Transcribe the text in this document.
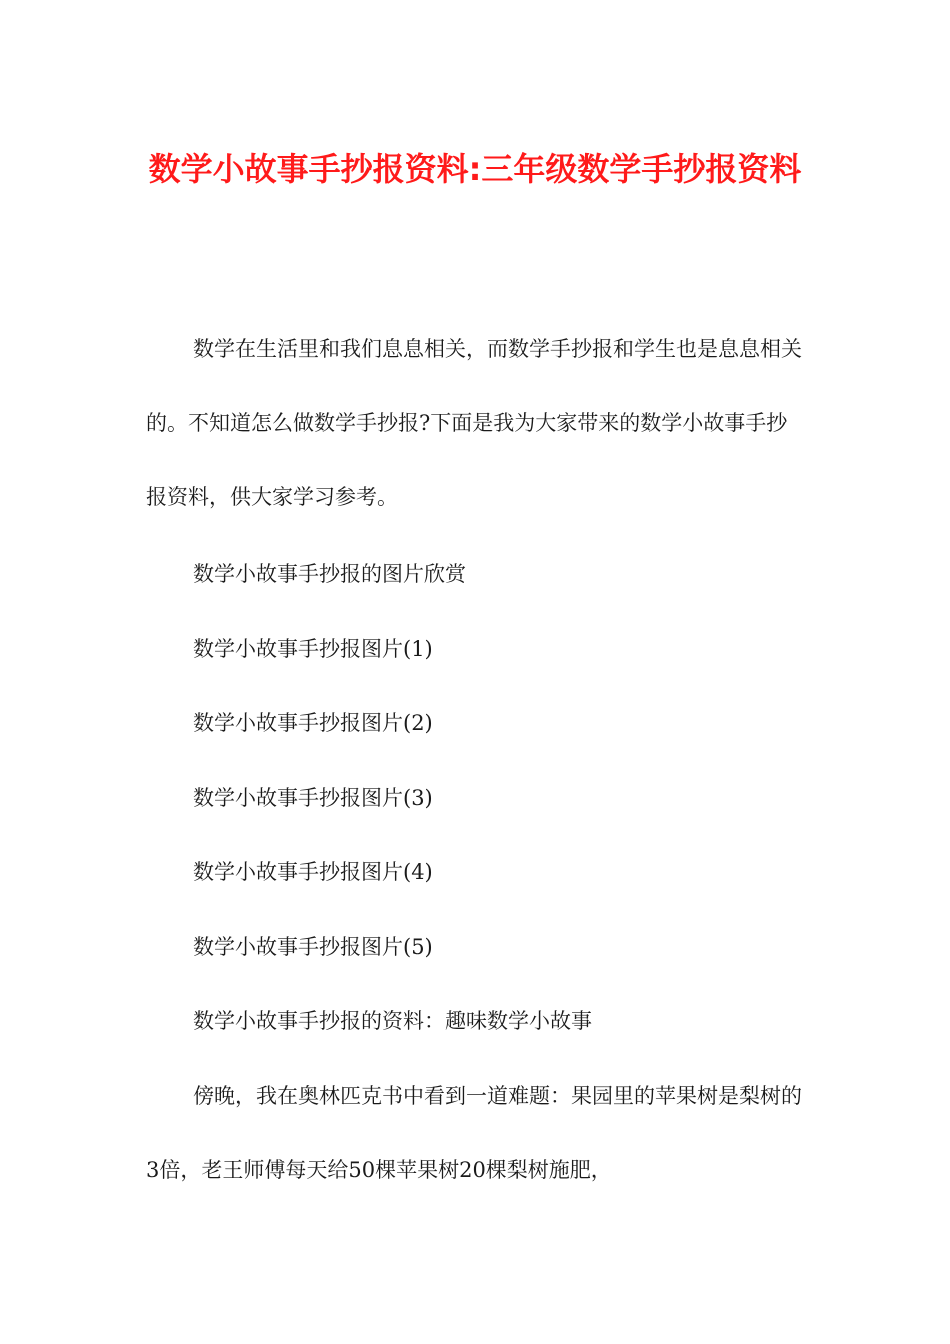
数学小故事手抄报资料:三年级数学手抄报资料

数学在生活里和我们息息相关，而数学手抄报和学生也是息息相关的。不知道怎么做数学手抄报?下面是我为大家带来的数学小故事手抄报资料，供大家学习参考。

数学小故事手抄报的图片欣赏
数学小故事手抄报图片(1)
数学小故事手抄报图片(2)
数学小故事手抄报图片(3)
数学小故事手抄报图片(4)
数学小故事手抄报图片(5)
数学小故事手抄报的资料：趣味数学小故事

傍晚，我在奥林匹克书中看到一道难题：果园里的苹果树是梨树的3倍，老王师傅每天给50棵苹果树20棵梨树施肥，
